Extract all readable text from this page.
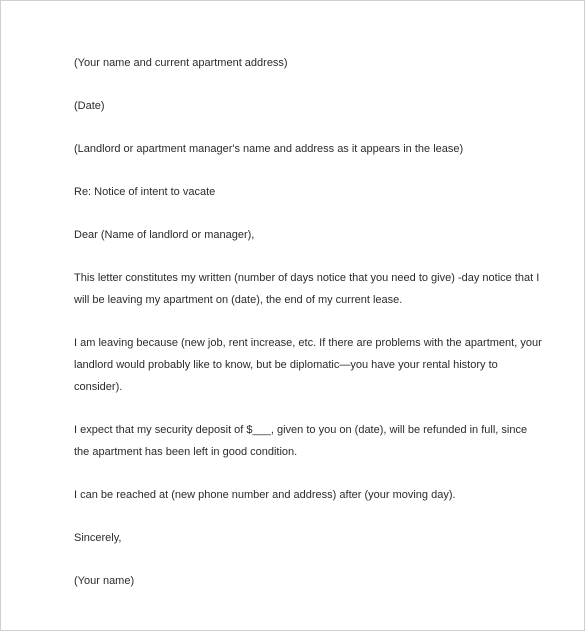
(Your name and current apartment address)

(Date)

(Landlord or apartment manager's name and address as it appears in the lease)

Re: Notice of intent to vacate

Dear (Name of landlord or manager),

This letter constitutes my written (number of days notice that you need to give) -day notice that I will be leaving my apartment on (date), the end of my current lease.

I am leaving because (new job, rent increase, etc. If there are problems with the apartment, your landlord would probably like to know, but be diplomatic—you have your rental history to consider).

I expect that my security deposit of $___, given to you on (date), will be refunded in full, since the apartment has been left in good condition.

I can be reached at (new phone number and address) after (your moving day).

Sincerely,

(Your name)
